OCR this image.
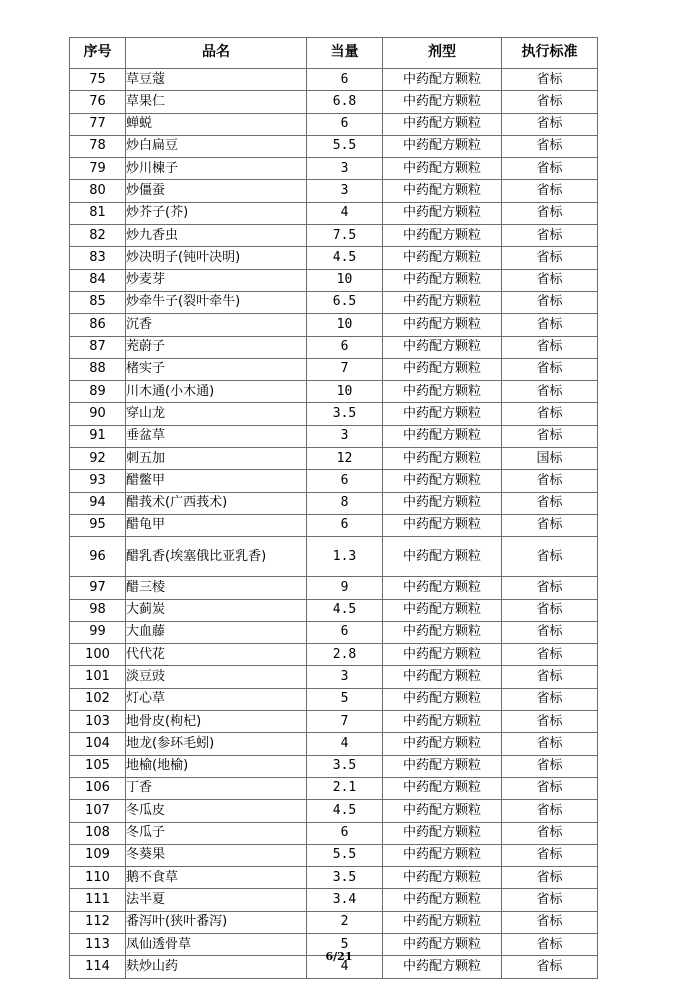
序号	品名	当量	剂型	执行标准
75	草豆蔻	6	中药配方颗粒	省标
76	草果仁	6.8	中药配方颗粒	省标
77	蝉蜕	6	中药配方颗粒	省标
78	炒白扁豆	5.5	中药配方颗粒	省标
79	炒川楝子	3	中药配方颗粒	省标
80	炒僵蚕	3	中药配方颗粒	省标
81	炒芥子(芥)	4	中药配方颗粒	省标
82	炒九香虫	7.5	中药配方颗粒	省标
83	炒决明子(钝叶决明)	4.5	中药配方颗粒	省标
84	炒麦芽	10	中药配方颗粒	省标
85	炒牵牛子(裂叶牵牛)	6.5	中药配方颗粒	省标
86	沉香	10	中药配方颗粒	省标
87	茺蔚子	6	中药配方颗粒	省标
88	楮实子	7	中药配方颗粒	省标
89	川木通(小木通)	10	中药配方颗粒	省标
90	穿山龙	3.5	中药配方颗粒	省标
91	垂盆草	3	中药配方颗粒	省标
92	刺五加	12	中药配方颗粒	国标
93	醋鳖甲	6	中药配方颗粒	省标
94	醋莪术(广西莪术)	8	中药配方颗粒	省标
95	醋龟甲	6	中药配方颗粒	省标
96	醋乳香(埃塞俄比亚乳香)	1.3	中药配方颗粒	省标
97	醋三棱	9	中药配方颗粒	省标
98	大蓟炭	4.5	中药配方颗粒	省标
99	大血藤	6	中药配方颗粒	省标
100	代代花	2.8	中药配方颗粒	省标
101	淡豆豉	3	中药配方颗粒	省标
102	灯心草	5	中药配方颗粒	省标
103	地骨皮(枸杞)	7	中药配方颗粒	省标
104	地龙(参环毛蚓)	4	中药配方颗粒	省标
105	地榆(地榆)	3.5	中药配方颗粒	省标
106	丁香	2.1	中药配方颗粒	省标
107	冬瓜皮	4.5	中药配方颗粒	省标
108	冬瓜子	6	中药配方颗粒	省标
109	冬葵果	5.5	中药配方颗粒	省标
110	鹅不食草	3.5	中药配方颗粒	省标
111	法半夏	3.4	中药配方颗粒	省标
112	番泻叶(狭叶番泻)	2	中药配方颗粒	省标
113	凤仙透骨草	5	中药配方颗粒	省标
114	麸炒山药	4	中药配方颗粒	省标
6/21
